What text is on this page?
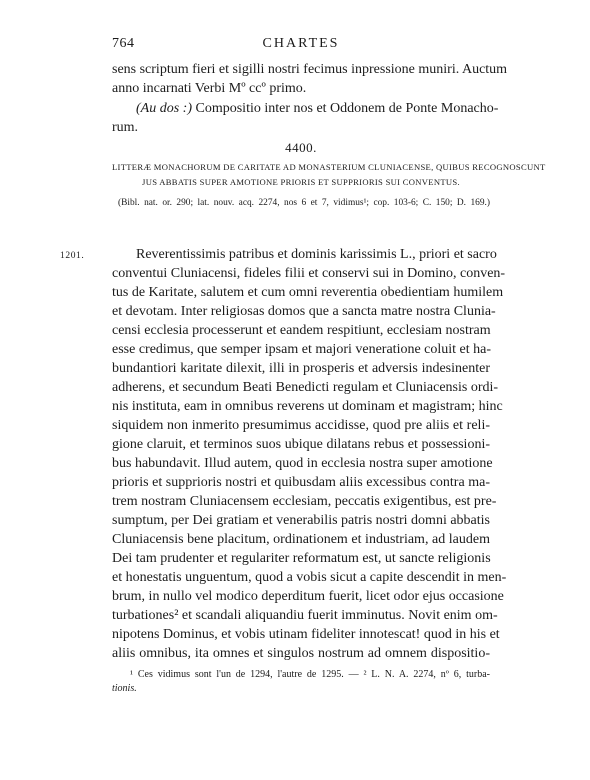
764	CHARTES
sens scriptum fieri et sigilli nostri fecimus inpressione muniri. Auctum
anno incarnati Verbi Mº ccº primo.
(Au dos :) Compositio inter nos et Oddonem de Ponte Monacho-
rum.
4400.
LITTERÆ MONACHORUM DE CARITATE AD MONASTERIUM CLUNIACENSE, QUIBUS RECOGNOSCUNT
JUS ABBATIS SUPER AMOTIONE PRIORIS ET SUPPRIORIS SUI CONVENTUS.
(Bibl. nat. or. 290; lat. nouv. acq. 2274, nos 6 et 7, vidimus¹; cop. 103-6; C. 150; D. 169.)
1201.	Reverentissimis patribus et dominis karissimis L., priori et sacro
conventui Cluniacensi, fideles filii et conservi sui in Domino, conven-
tus de Karitate, salutem et cum omni reverentia obedientiam humilem
et devotam. Inter religiosas domos que a sancta matre nostra Clunia-
censi ecclesia processerunt et eandem respitiunt, ecclesiam nostram
esse credimus, que semper ipsam et majori veneratione coluit et ha-
bundantiori karitate dilexit, illi in prosperis et adversis indesinenter
adherens, et secundum Beati Benedicti regulam et Cluniacensis ordi-
nis instituta, eam in omnibus reverens ut dominam et magistram; hinc
siquidem non inmerito presumimus accidisse, quod pre aliis et reli-
gione claruit, et terminos suos ubique dilatans rebus et possessioni-
bus habundavit. Illud autem, quod in ecclesia nostra super amotione
prioris et supprioris nostri et quibusdam aliis excessibus contra ma-
trem nostram Cluniacensem ecclesiam, peccatis exigentibus, est pre-
sumptum, per Dei gratiam et venerabilis patris nostri domni abbatis
Cluniacensis bene placitum, ordinationem et industriam, ad laudem
Dei tam prudenter et regulariter reformatum est, ut sancte religionis
et honestatis unguentum, quod a vobis sicut a capite descendit in men-
brum, in nullo vel modico deperditum fuerit, licet odor ejus occasione
turbationes² et scandali aliquandiu fuerit imminutus. Novit enim om-
nipotens Dominus, et vobis utinam fideliter innotescat! quod in his et
aliis omnibus, ita omnes et singulos nostrum ad omnem dispositio-
¹ Ces vidimus sont l'un de 1294, l'autre de 1295. — ² L. N. A. 2274, nº 6, turba-
tionis.
